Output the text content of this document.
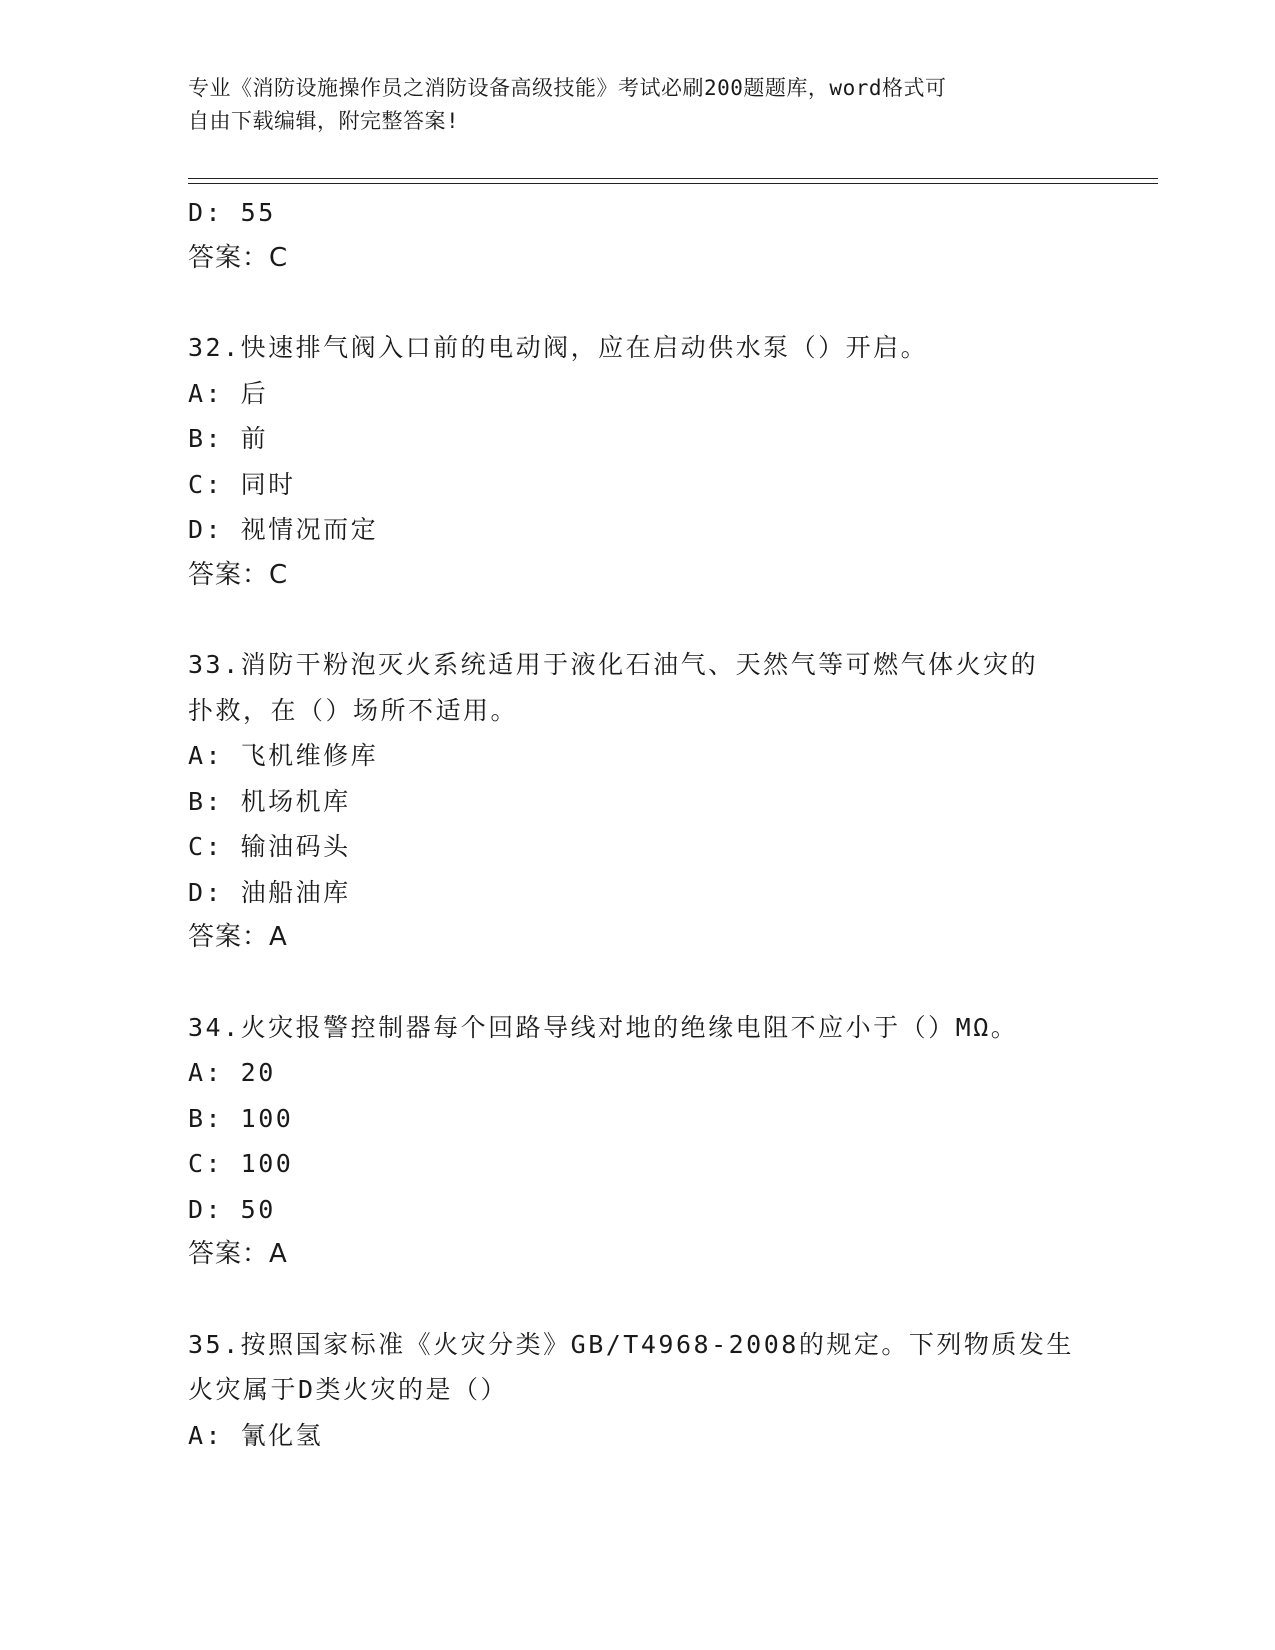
专业《消防设施操作员之消防设备高级技能》考试必刷200题题库，word格式可
自由下载编辑，附完整答案!
D: 55
答案：C
32.快速排气阀入口前的电动阀，应在启动供水泵（）开启。
A: 后
B: 前
C: 同时
D: 视情况而定
答案：C
33.消防干粉泡灭火系统适用于液化石油气、天然气等可燃气体火灾的
扑救，在（）场所不适用。
A: 飞机维修库
B: 机场机库
C: 输油码头
D: 油船油库
答案：A
34.火灾报警控制器每个回路导线对地的绝缘电阻不应小于（）MΩ。
A: 20
B: 100
C: 100
D: 50
答案：A
35.按照国家标准《火灾分类》GB/T4968-2008的规定。下列物质发生
火灾属于D类火灾的是（）
A: 氰化氢
